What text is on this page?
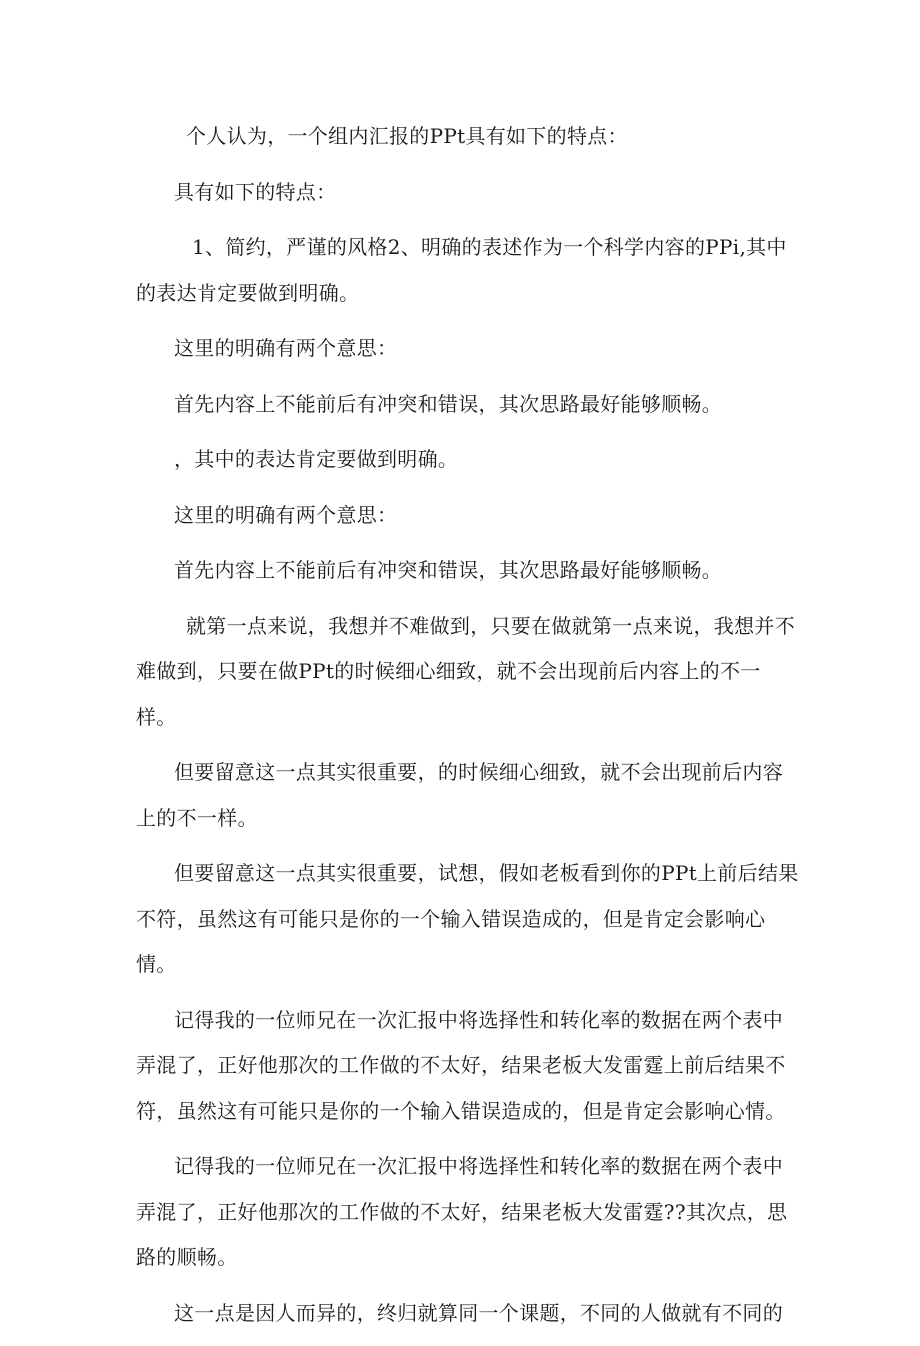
个人认为，一个组内汇报的PPt具有如下的特点：

具有如下的特点：

1、简约，严谨的风格2、明确的表述作为一个科学内容的PPi,其中的表达肯定要做到明确。

这里的明确有两个意思：

首先内容上不能前后有冲突和错误，其次思路最好能够顺畅。

，其中的表达肯定要做到明确。

这里的明确有两个意思：

首先内容上不能前后有冲突和错误，其次思路最好能够顺畅。

就第一点来说，我想并不难做到，只要在做就第一点来说，我想并不难做到，只要在做PPt的时候细心细致，就不会出现前后内容上的不一样。

但要留意这一点其实很重要，的时候细心细致，就不会出现前后内容上的不一样。

但要留意这一点其实很重要，试想，假如老板看到你的PPt上前后结果不符，虽然这有可能只是你的一个输入错误造成的，但是肯定会影响心情。

记得我的一位师兄在一次汇报中将选择性和转化率的数据在两个表中弄混了，正好他那次的工作做的不太好，结果老板大发雷霆上前后结果不符，虽然这有可能只是你的一个输入错误造成的，但是肯定会影响心情。

记得我的一位师兄在一次汇报中将选择性和转化率的数据在两个表中弄混了，正好他那次的工作做的不太好，结果老板大发雷霆??其次点，思路的顺畅。

这一点是因人而异的，终归就算同一个课题，不同的人做就有不同的
